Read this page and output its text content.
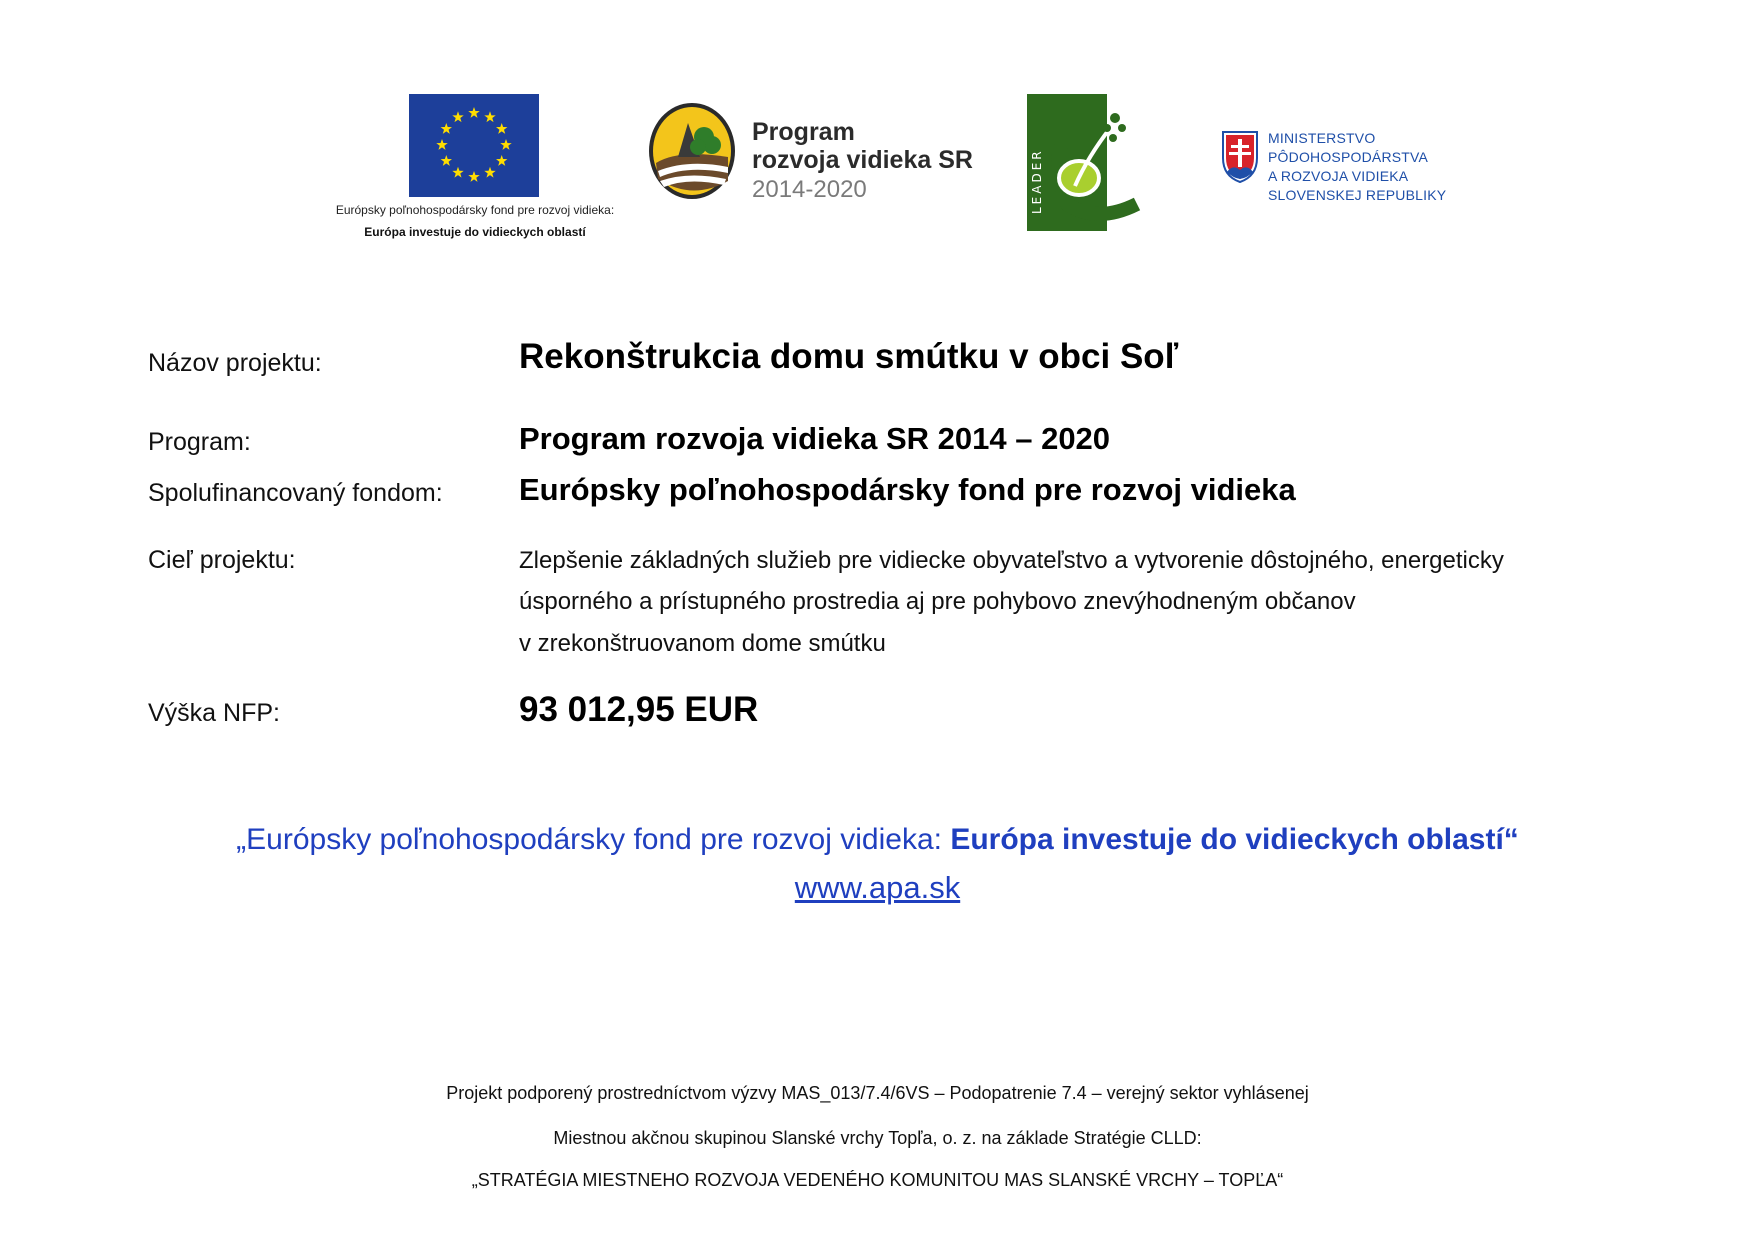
Európsky poľnohospodársky fond pre rozvoj vidieka:
Európa investuje do vidieckych oblastí
Program
rozvoja vidieka SR
2014-2020	LEADER
MINISTERSTVO
PÔDOHOSPODÁRSTVA
A ROZVOJA VIDIEKA
SLOVENSKEJ REPUBLIKY
Názov projektu:	Rekonštrukcia domu smútku v obci Soľ
Program:	Program rozvoja vidieka SR 2014 – 2020
Spolufinancovaný fondom: Európsky poľnohospodársky fond pre rozvoj vidieka
Cieľ projektu:	Zlepšenie základných služieb pre vidiecke obyvateľstvo a vytvorenie dôstojného, energeticky
úsporného a prístupného prostredia aj pre pohybovo znevýhodneným občanov
v zrekonštruovanom dome smútku
Výška NFP:	93 012,95 EUR
„Európsky poľnohospodársky fond pre rozvoj vidieka: Európa investuje do vidieckych oblastí“
www.apa.sk
Projekt podporený prostredníctvom výzvy MAS_013/7.4/6VS – Podopatrenie 7.4 – verejný sektor vyhlásenej
Miestnou akčnou skupinou Slanské vrchy Topľa, o. z. na základe Stratégie CLLD:
„STRATÉGIA MIESTNEHO ROZVOJA VEDENÉHO KOMUNITOU MAS SLANSKÉ VRCHY – TOPĽA“
